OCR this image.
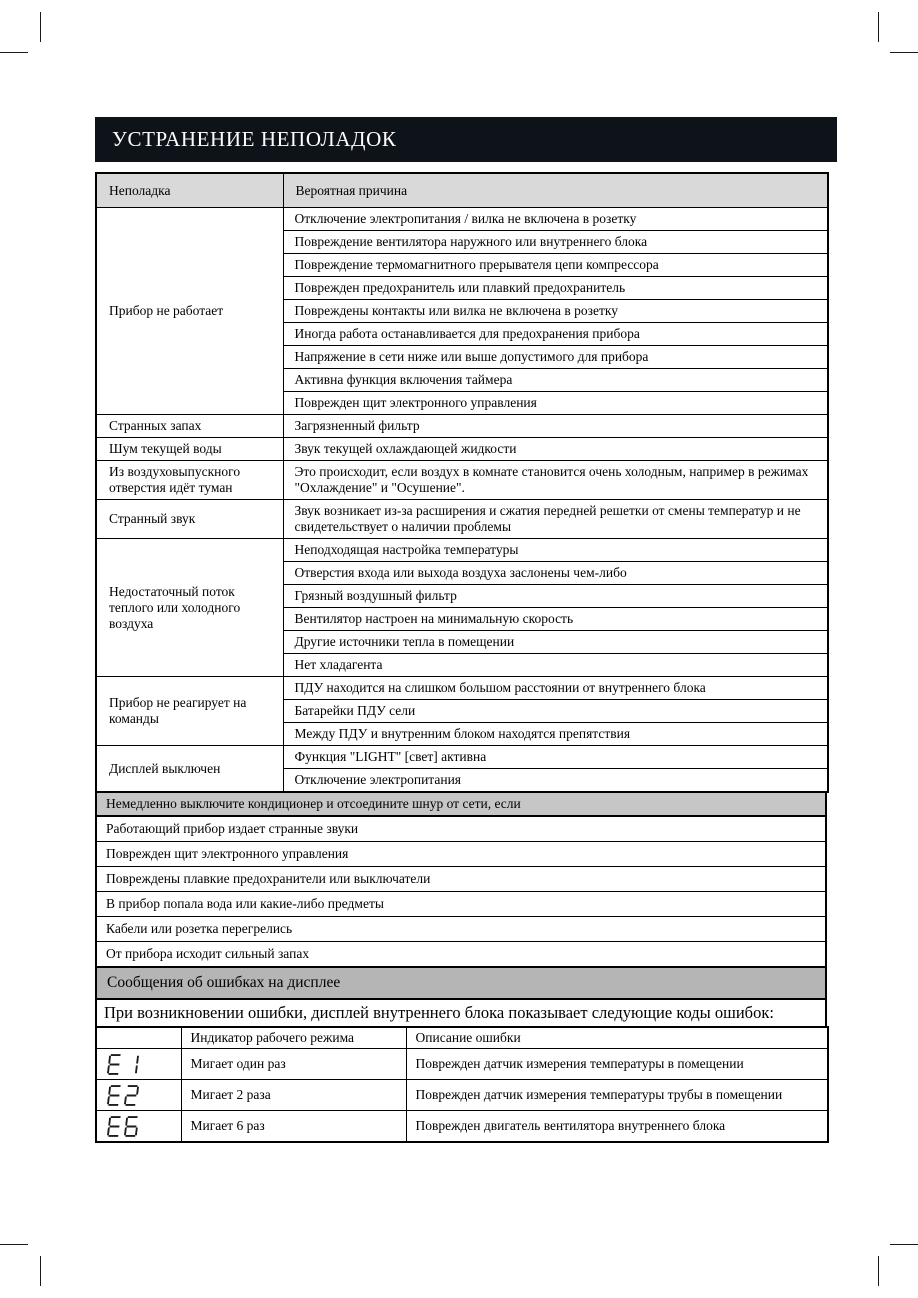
УСТРАНЕНИЕ НЕПОЛАДОК
Неполадка	Вероятная причина
Прибор не работает	Отключение электропитания / вилка не включена в розетку
	Повреждение вентилятора наружного или внутреннего блока
	Повреждение термомагнитного прерывателя цепи компрессора
	Поврежден предохранитель или плавкий предохранитель
	Повреждены контакты или вилка не включена в розетку
	Иногда работа останавливается для предохранения прибора
	Напряжение в сети ниже или выше допустимого для прибора
	Активна функция включения таймера
	Поврежден щит электронного управления
Странных запах	Загрязненный фильтр
Шум текущей воды	Звук текущей охлаждающей жидкости
Из воздуховыпускного отверстия идёт туман	Это происходит, если воздух в комнате становится очень холодным, например в режимах "Охлаждение" и "Осушение".
Странный звук	Звук возникает из-за расширения и сжатия передней решетки от смены температур и не свидетельствует о наличии проблемы
Недостаточный поток теплого или холодного воздуха	Неподходящая настройка температуры
	Отверстия входа или выхода воздуха заслонены чем-либо
	Грязный воздушный фильтр
	Вентилятор настроен на минимальную скорость
	Другие источники тепла в помещении
	Нет хладагента
Прибор не реагирует на команды	ПДУ находится на слишком большом расстоянии от внутреннего блока
	Батарейки ПДУ сели
	Между ПДУ и внутренним блоком находятся препятствия
Дисплей выключен	Функция "LIGHT" [свет] активна
	Отключение электропитания
Немедленно выключите кондиционер и отсоедините шнур от сети, если
Работающий прибор издает странные звуки
Поврежден щит электронного управления
Повреждены плавкие предохранители или выключатели
В прибор попала вода или какие-либо предметы
Кабели или розетка перегрелись
От прибора исходит сильный запах
Сообщения об ошибках на дисплее
При возникновении ошибки, дисплей внутреннего блока показывает следующие коды ошибок:
	Индикатор рабочего режима	Описание ошибки
	Мигает один раз	Поврежден датчик измерения температуры в помещении
	Мигает 2 раза	Поврежден датчик измерения температуры трубы в помещении
	Мигает 6 раз	Поврежден двигатель вентилятора внутреннего блока
